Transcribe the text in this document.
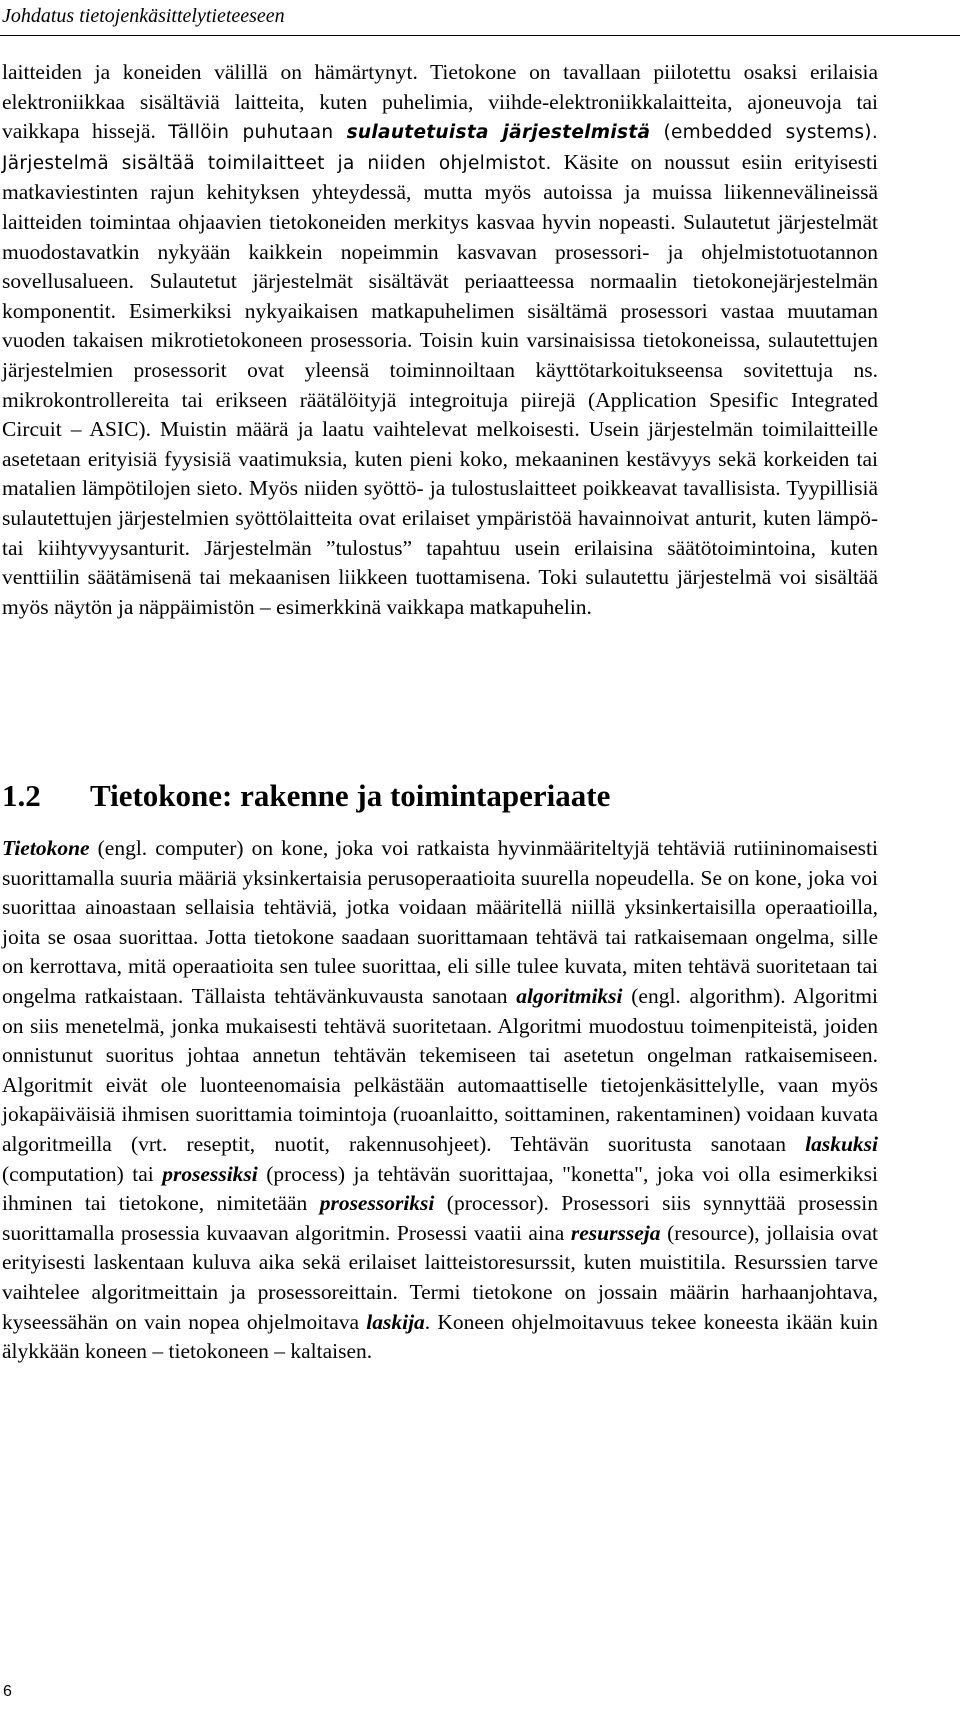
Johdatus tietojenkäsittelytieteeseen
laitteiden ja koneiden välillä on hämärtynyt. Tietokone on tavallaan piilotettu osaksi erilaisia elektroniikkaa sisältäviä laitteita, kuten puhelimia, viihde-elektroniikkalaitteita, ajoneuvoja tai vaikkapa hissejä. Tällöin puhutaan sulautetuista järjestelmistä (embedded systems). Järjestelmä sisältää toimilaitteet ja niiden ohjelmistot. Käsite on noussut esiin erityisesti matkaviestinten rajun kehityksen yhteydessä, mutta myös autoissa ja muissa liikennevälineissä laitteiden toimintaa ohjaavien tietokoneiden merkitys kasvaa hyvin nopeasti. Sulautetut järjestelmät muodostavatkin nykyään kaikkein nopeimmin kasvavan prosessori- ja ohjelmistotuotannon sovellusalueen. Sulautetut järjestelmät sisältävät periaatteessa normaalin tietokonejärjestelmän komponentit. Esimerkiksi nykyaikaisen matkapuhelimen sisältämä prosessori vastaa muutaman vuoden takaisen mikrotietokoneen prosessoria. Toisin kuin varsinaisissa tietokoneissa, sulautettujen järjestelmien prosessorit ovat yleensä toiminnoiltaan käyttötarkoitukseensa sovitettuja ns. mikrokontrollereita tai erikseen räätälöityjä integroituja piirejä (Application Spesific Integrated Circuit – ASIC). Muistin määrä ja laatu vaihtelevat melkoisesti. Usein järjestelmän toimilaitteille asetetaan erityisiä fyysisiä vaatimuksia, kuten pieni koko, mekaaninen kestävyys sekä korkeiden tai matalien lämpötilojen sieto. Myös niiden syöttö- ja tulostuslaitteet poikkeavat tavallisista. Tyypillisiä sulautettujen järjestelmien syöttölaitteita ovat erilaiset ympäristöä havainnoivat anturit, kuten lämpö- tai kiihtyvyysanturit. Järjestelmän ”tulostus” tapahtuu usein erilaisina säätötoimintoina, kuten venttiilin säätämisenä tai mekaanisen liikkeen tuottamisena. Toki sulautettu järjestelmä voi sisältää myös näytön ja näppäimistön – esimerkkinä vaikkapa matkapuhelin.
1.2 Tietokone: rakenne ja toimintaperiaate
Tietokone (engl. computer) on kone, joka voi ratkaista hyvinmääriteltyjä tehtäviä rutiininomaisesti suorittamalla suuria määriä yksinkertaisia perusoperaatioita suurella nopeudella. Se on kone, joka voi suorittaa ainoastaan sellaisia tehtäviä, jotka voidaan määritellä niillä yksinkertaisilla operaatioilla, joita se osaa suorittaa. Jotta tietokone saadaan suorittamaan tehtävä tai ratkaisemaan ongelma, sille on kerrottava, mitä operaatioita sen tulee suorittaa, eli sille tulee kuvata, miten tehtävä suoritetaan tai ongelma ratkaistaan. Tällaista tehtävänkuvausta sanotaan algoritmiksi (engl. algorithm). Algoritmi on siis menetelmä, jonka mukaisesti tehtävä suoritetaan. Algoritmi muodostuu toimenpiteistä, joiden onnistunut suoritus johtaa annetun tehtävän tekemiseen tai asetetun ongelman ratkaisemiseen. Algoritmit eivät ole luonteenomaisia pelkästään automaattiselle tietojenkäsittelylle, vaan myös jokapäiväisiä ihmisen suorittamia toimintoja (ruoanlaitto, soittaminen, rakentaminen) voidaan kuvata algoritmeilla (vrt. reseptit, nuotit, rakennusohjeet). Tehtävän suoritusta sanotaan laskuksi (computation) tai prosessiksi (process) ja tehtävän suorittajaa, "konetta", joka voi olla esimerkiksi ihminen tai tietokone, nimitetään prosessoriksi (processor). Prosessori siis synnyttää prosessin suorittamalla prosessia kuvaavan algoritmin. Prosessi vaatii aina resursseja (resource), jollaisia ovat erityisesti laskentaan kuluva aika sekä erilaiset laitteistoresurssit, kuten muistitila. Resurssien tarve vaihtelee algoritmeittain ja prosessoreittain. Termi tietokone on jossain määrin harhaanjohtava, kyseessähän on vain nopea ohjelmoitava laskija. Koneen ohjelmoitavuus tekee koneesta ikään kuin älykkään koneen – tietokoneen – kaltaisen.
6
